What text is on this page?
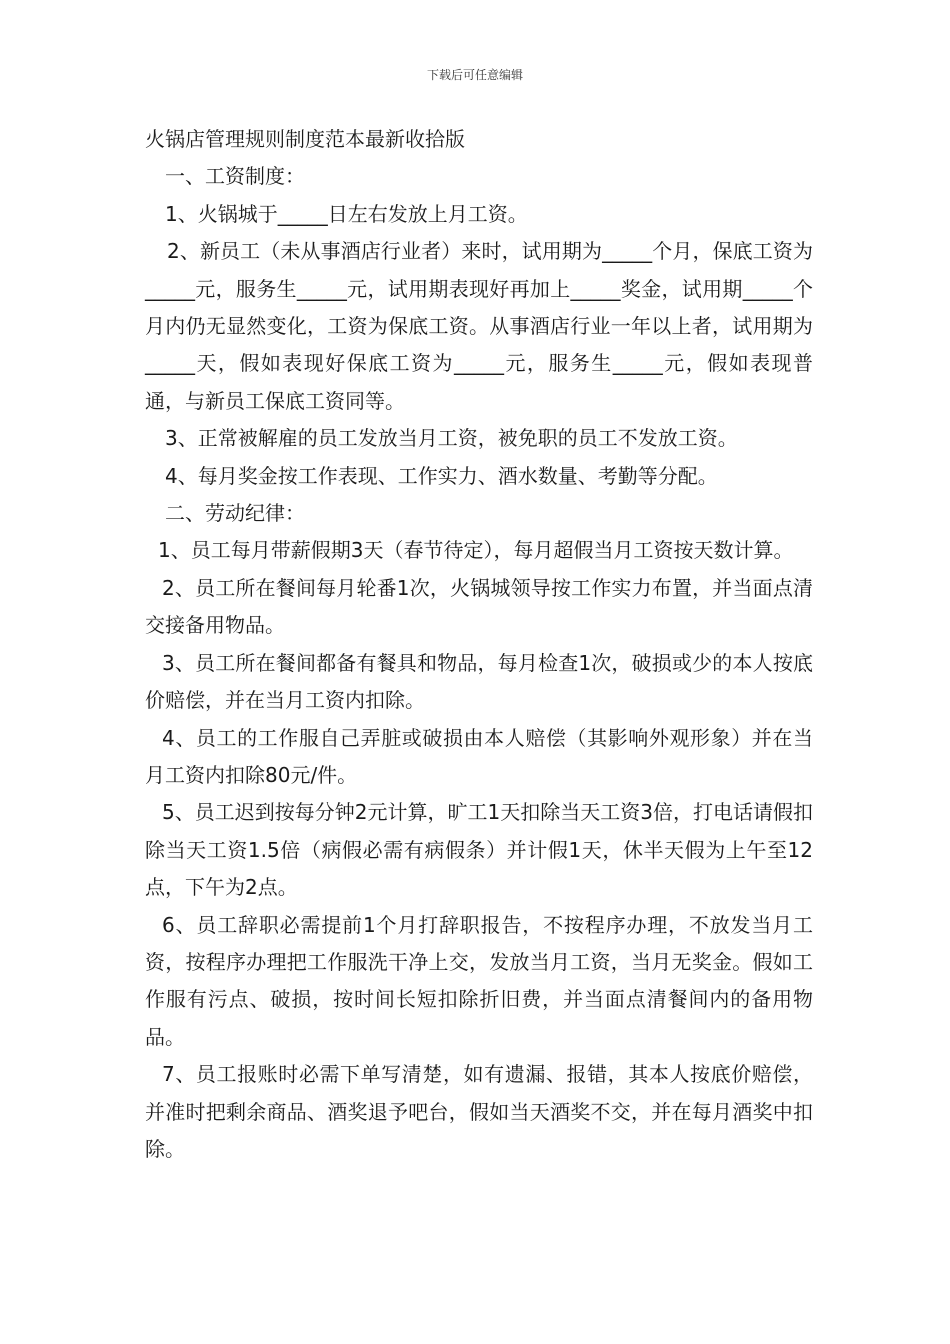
下载后可任意编辑

火锅店管理规则制度范本最新收拾版

一、工资制度：

1、火锅城于_____日左右发放上月工资。

2、新员工（未从事酒店行业者）来时，试用期为_____个月，保底工资为_____元，服务生_____元，试用期表现好再加上_____奖金，试用期_____个月内仍无显然变化，工资为保底工资。从事酒店行业一年以上者，试用期为_____天，假如表现好保底工资为_____元，服务生_____元，假如表现普通，与新员工保底工资同等。

3、正常被解雇的员工发放当月工资，被免职的员工不发放工资。

4、每月奖金按工作表现、工作实力、酒水数量、考勤等分配。

二、劳动纪律：

1、员工每月带薪假期3天（春节待定），每月超假当月工资按天数计算。

2、员工所在餐间每月轮番1次，火锅城领导按工作实力布置，并当面点清交接备用物品。

3、员工所在餐间都备有餐具和物品，每月检查1次，破损或少的本人按底价赔偿，并在当月工资内扣除。

4、员工的工作服自己弄脏或破损由本人赔偿（其影响外观形象）并在当月工资内扣除80元/件。

5、员工迟到按每分钟2元计算，旷工1天扣除当天工资3倍，打电话请假扣除当天工资1.5倍（病假必需有病假条）并计假1天，休半天假为上午至12点，下午为2点。

6、员工辞职必需提前1个月打辞职报告，不按程序办理，不放发当月工资，按程序办理把工作服洗干净上交，发放当月工资，当月无奖金。假如工作服有污点、破损，按时间长短扣除折旧费，并当面点清餐间内的备用物品。

7、员工报账时必需下单写清楚，如有遗漏、报错，其本人按底价赔偿，并准时把剩余商品、酒奖退予吧台，假如当天酒奖不交，并在每月酒奖中扣除。
